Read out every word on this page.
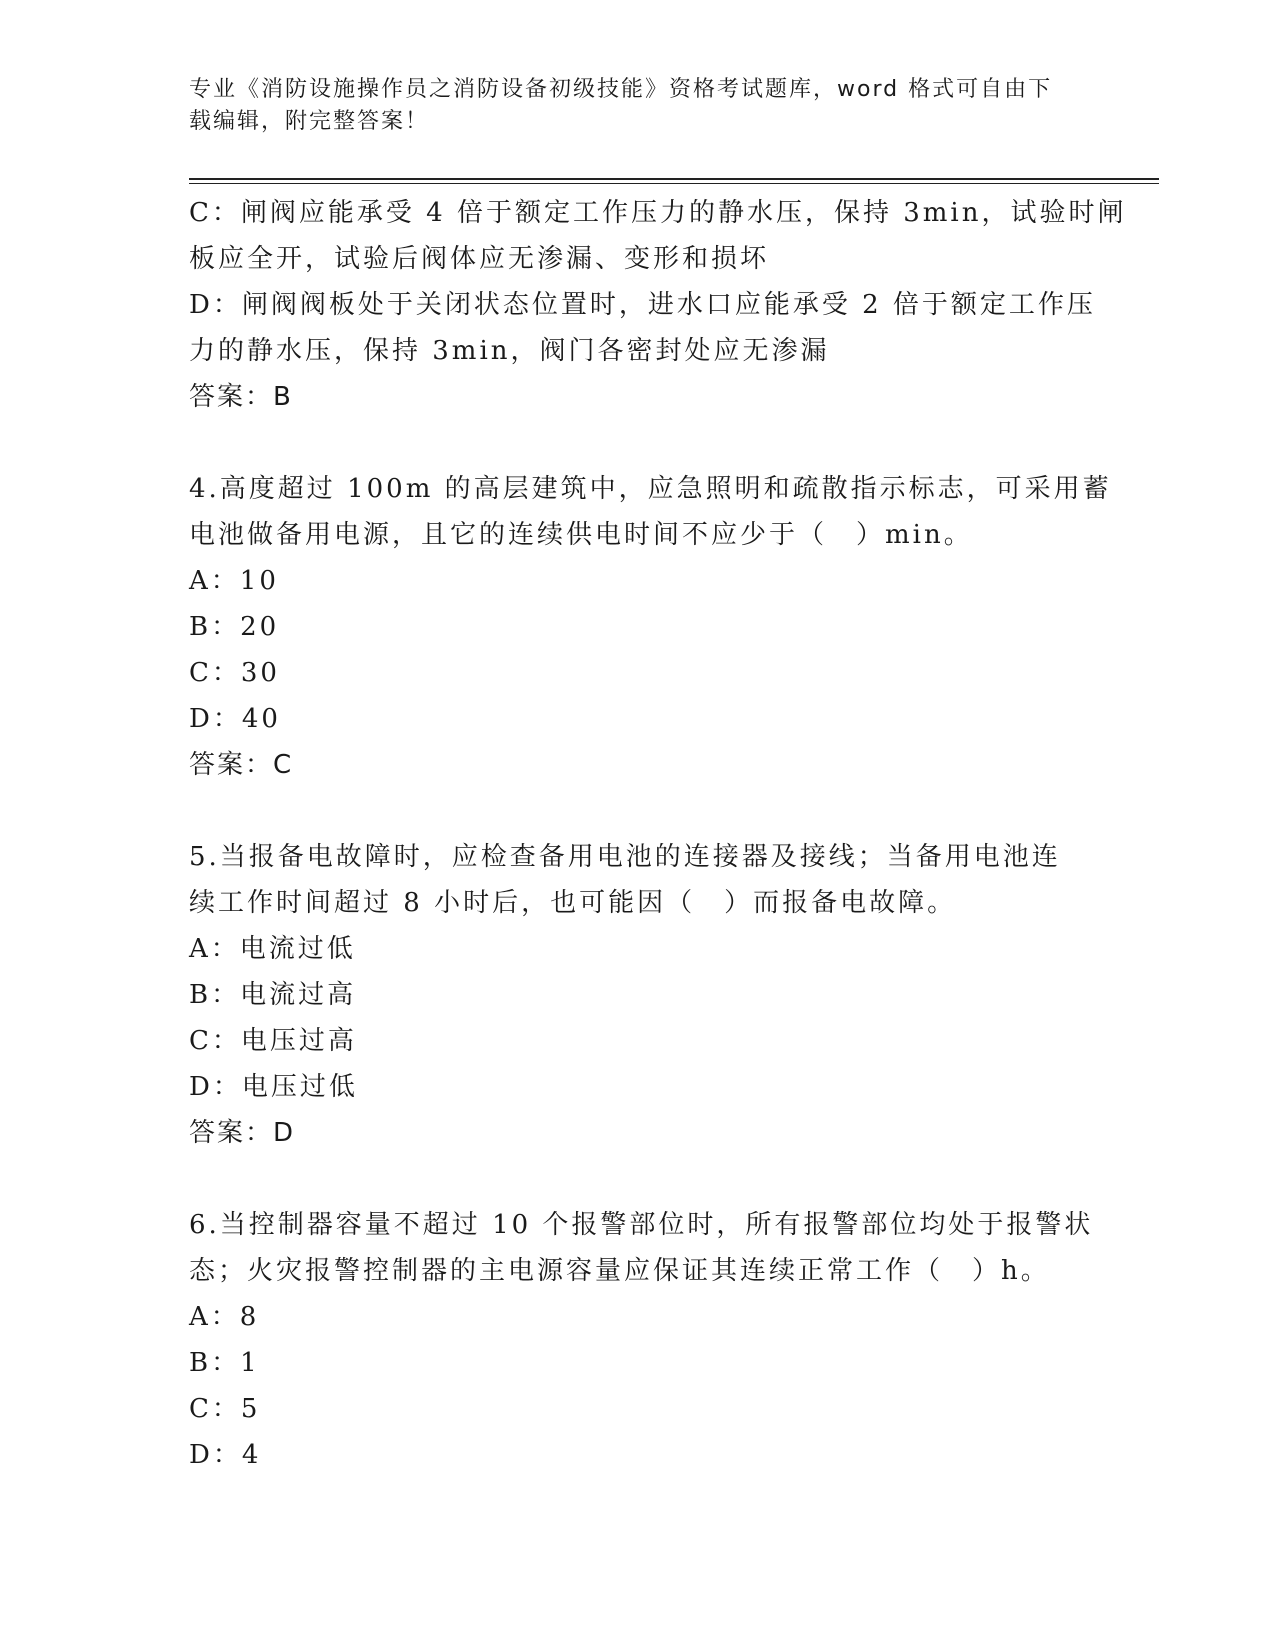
专业《消防设施操作员之消防设备初级技能》资格考试题库，word 格式可自由下
载编辑，附完整答案！
C：闸阀应能承受 4 倍于额定工作压力的静水压，保持 3min，试验时闸
板应全开，试验后阀体应无渗漏、变形和损坏
D：闸阀阀板处于关闭状态位置时，进水口应能承受 2 倍于额定工作压
力的静水压，保持 3min，阀门各密封处应无渗漏
答案：B
4.高度超过 100m 的高层建筑中，应急照明和疏散指示标志，可采用蓄
电池做备用电源，且它的连续供电时间不应少于（　）min。
A：10
B：20
C：30
D：40
答案：C
5.当报备电故障时，应检查备用电池的连接器及接线；当备用电池连
续工作时间超过 8 小时后，也可能因（　）而报备电故障。
A：电流过低
B：电流过高
C：电压过高
D：电压过低
答案：D
6.当控制器容量不超过 10 个报警部位时，所有报警部位均处于报警状
态；火灾报警控制器的主电源容量应保证其连续正常工作（　）h。
A：8
B：1
C：5
D：4
